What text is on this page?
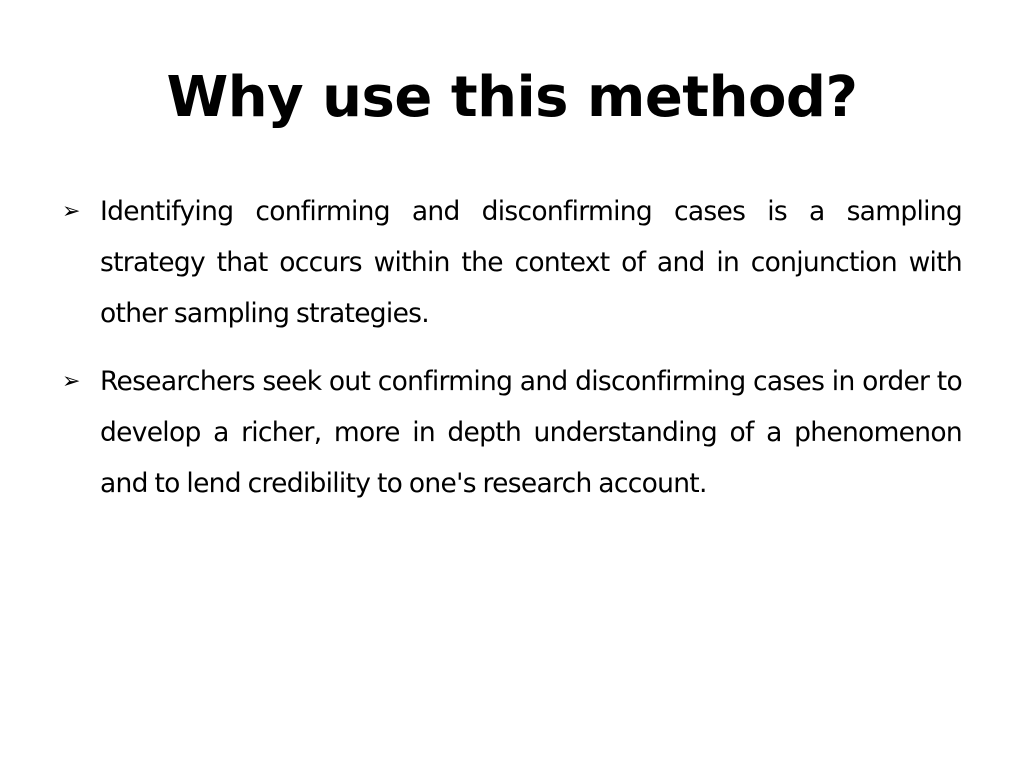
Why use this method?
➢ Identifying confirming and disconfirming cases is a sampling strategy that occurs within the context of and in conjunction with other sampling strategies.
➢ Researchers seek out confirming and disconfirming cases in order to develop a richer, more in depth understanding of a phenomenon and to lend credibility to one's research account.
